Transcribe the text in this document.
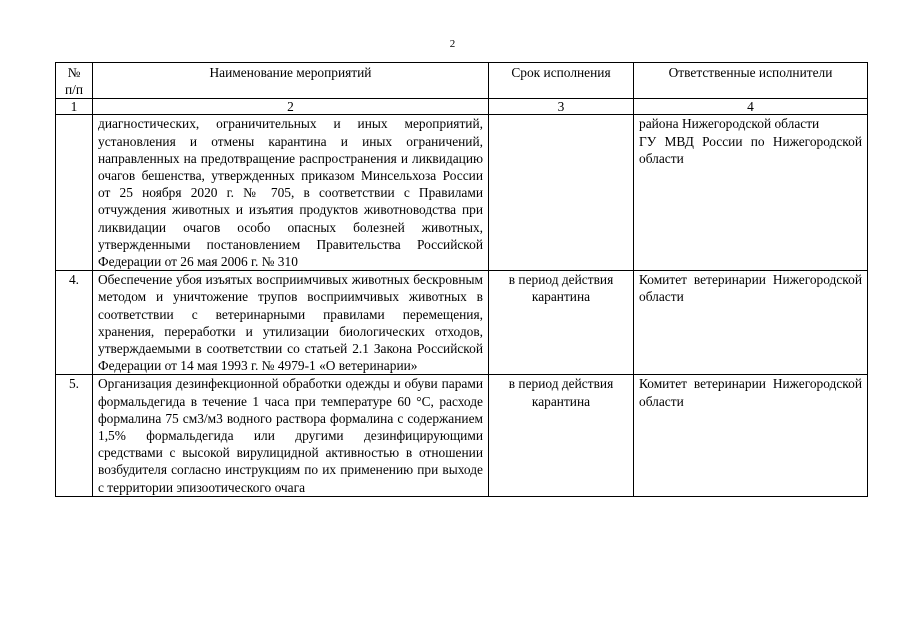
2
№ п/п	Наименование мероприятий	Срок исполнения	Ответственные исполнители
1	2	3	4
	диагностических, ограничительных и иных мероприятий, установления и отмены карантина и иных ограничений, направленных на предотвращение распространения и ликвидацию очагов бешенства, утвержденных приказом Минсельхоза России от 25 ноября 2020 г. № 705, в соответствии с Правилами отчуждения животных и изъятия продуктов животноводства при ликвидации очагов особо опасных болезней животных, утвержденными постановлением Правительства Российской Федерации от 26 мая 2006 г. № 310		района Нижегородской области
ГУ МВД России по Нижегородской области

4.	Обеспечение убоя изъятых восприимчивых животных бескровным методом и уничтожение трупов восприимчивых животных в соответствии с ветеринарными правилами перемещения, хранения, переработки и утилизации биологических отходов, утверждаемыми в соответствии со статьей 2.1 Закона Российской Федерации от 14 мая 1993 г. № 4979-1 «О ветеринарии»	в период действия карантина	Комитет ветеринарии Нижегородской области

5.	Организация дезинфекционной обработки одежды и обуви парами формальдегида в течение 1 часа при температуре 60 °С, расходе формалина 75 см3/м3 водного раствора формалина с содержанием 1,5% формальдегида или другими дезинфицирующими средствами с высокой вирулицидной активностью в отношении возбудителя согласно инструкциям по их применению при выходе с территории эпизоотического очага	в период действия карантина	Комитет ветеринарии Нижегородской области
